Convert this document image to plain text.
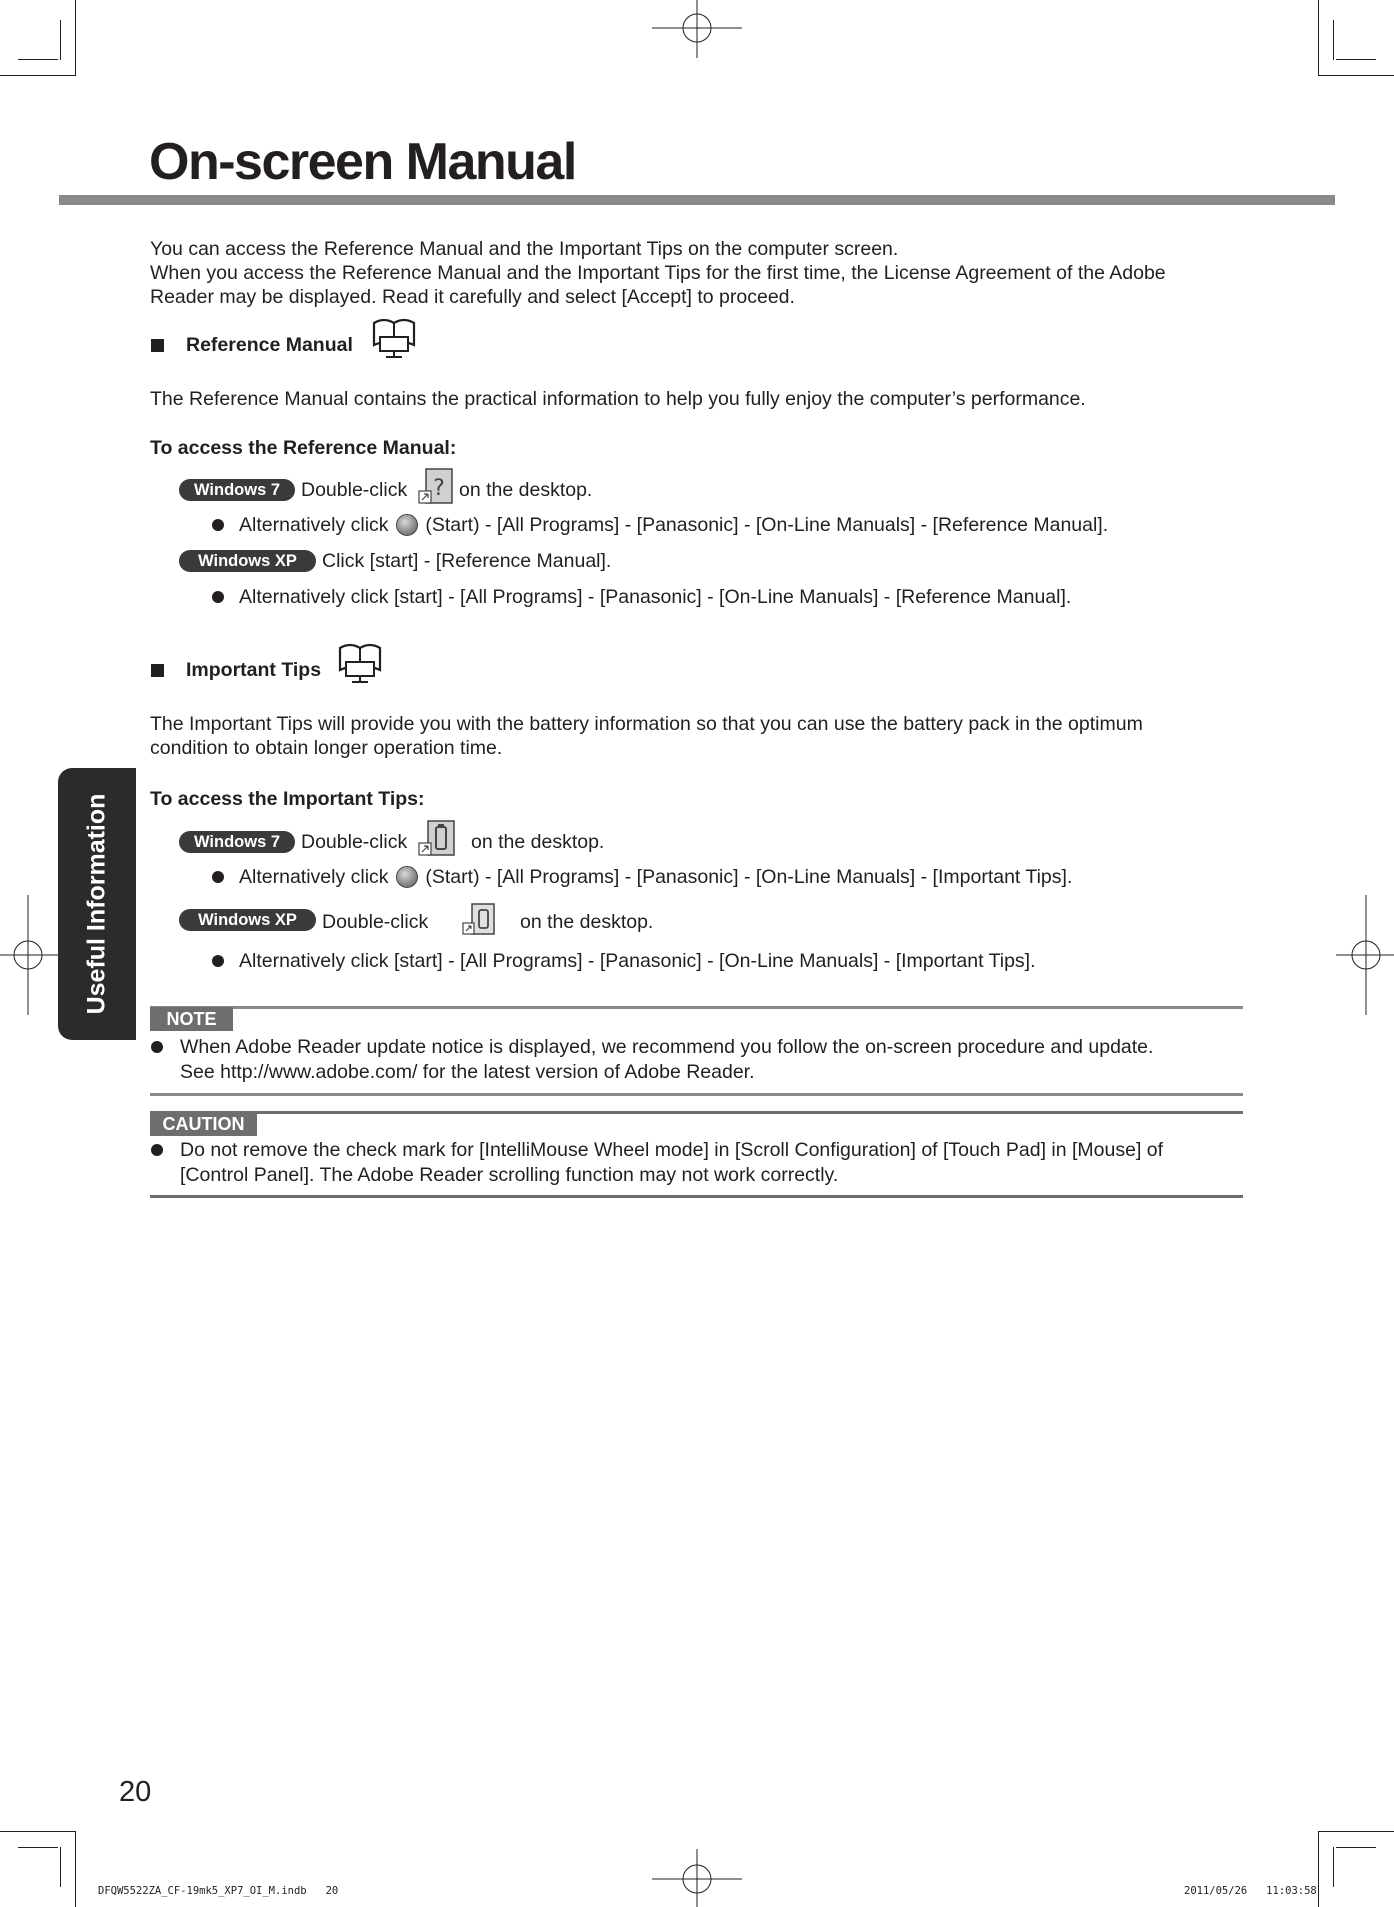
On-screen Manual
Useful Information
You can access the Reference Manual and the Important Tips on the computer screen.
When you access the Reference Manual and the Important Tips for the first time, the License Agreement of the Adobe
Reader may be displayed. Read it carefully and select [Accept] to proceed.
Reference Manual
The Reference Manual contains the practical information to help you fully enjoy the computer’s performance.
To access the Reference Manual:
Windows 7	Double-click ? on the desktop.
Alternatively click (Start) - [All Programs] - [Panasonic] - [On-Line Manuals] - [Reference Manual].
Windows XP	Click [start] - [Reference Manual].
Alternatively click [start] - [All Programs] - [Panasonic] - [On-Line Manuals] - [Reference Manual].
Important Tips
The Important Tips will provide you with the battery information so that you can use the battery pack in the optimum
condition to obtain longer operation time.
To access the Important Tips:
Windows 7	Double-click	on the desktop.
Alternatively click (Start) - [All Programs] - [Panasonic] - [On-Line Manuals] - [Important Tips].
Windows XP	Double-click	on the desktop.
Alternatively click [start] - [All Programs] - [Panasonic] - [On-Line Manuals] - [Important Tips].
NOTE
When Adobe Reader update notice is displayed, we recommend you follow the on-screen procedure and update.
See http://www.adobe.com/ for the latest version of Adobe Reader.
CAUTION
Do not remove the check mark for [IntelliMouse Wheel mode] in [Scroll Configuration] of [Touch Pad] in [Mouse] of
[Control Panel]. The Adobe Reader scrolling function may not work correctly.
20
DFQW5522ZA_CF-19mk5_XP7_OI_M.indb   20	2011/05/26   11:03:58
